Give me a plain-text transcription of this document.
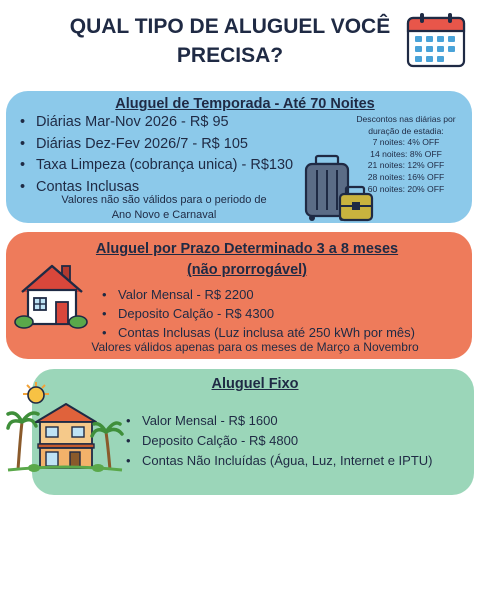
QUAL TIPO DE ALUGUEL VOCÊ
PRECISA?
Aluguel de Temporada - Até 70 Noites
• Diárias Mar-Nov 2026 - R$ 95
• Diárias Dez-Fev 2026/7 - R$ 105
• Taxa Limpeza (cobrança unica) - R$130
• Contas Inclusas
Valores não são válidos para o periodo de
Ano Novo e Carnaval
Descontos nas diárias por
duração de estadia:
7 noites: 4% OFF
14 noites: 8% OFF
21 noites: 12% OFF
28 noites: 16% OFF
60 noites: 20% OFF
Aluguel por Prazo Determinado 3 a 8 meses
(não prorrogável)
• Valor Mensal - R$ 2200
• Deposito Calção - R$ 4300
• Contas Inclusas (Luz inclusa até 250 kWh por mês)
Valores válidos apenas para os meses de Março a Novembro
Aluguel Fixo
• Valor Mensal - R$ 1600
• Deposito Calção - R$ 4800
• Contas Não Incluídas (Água, Luz, Internet e IPTU)
